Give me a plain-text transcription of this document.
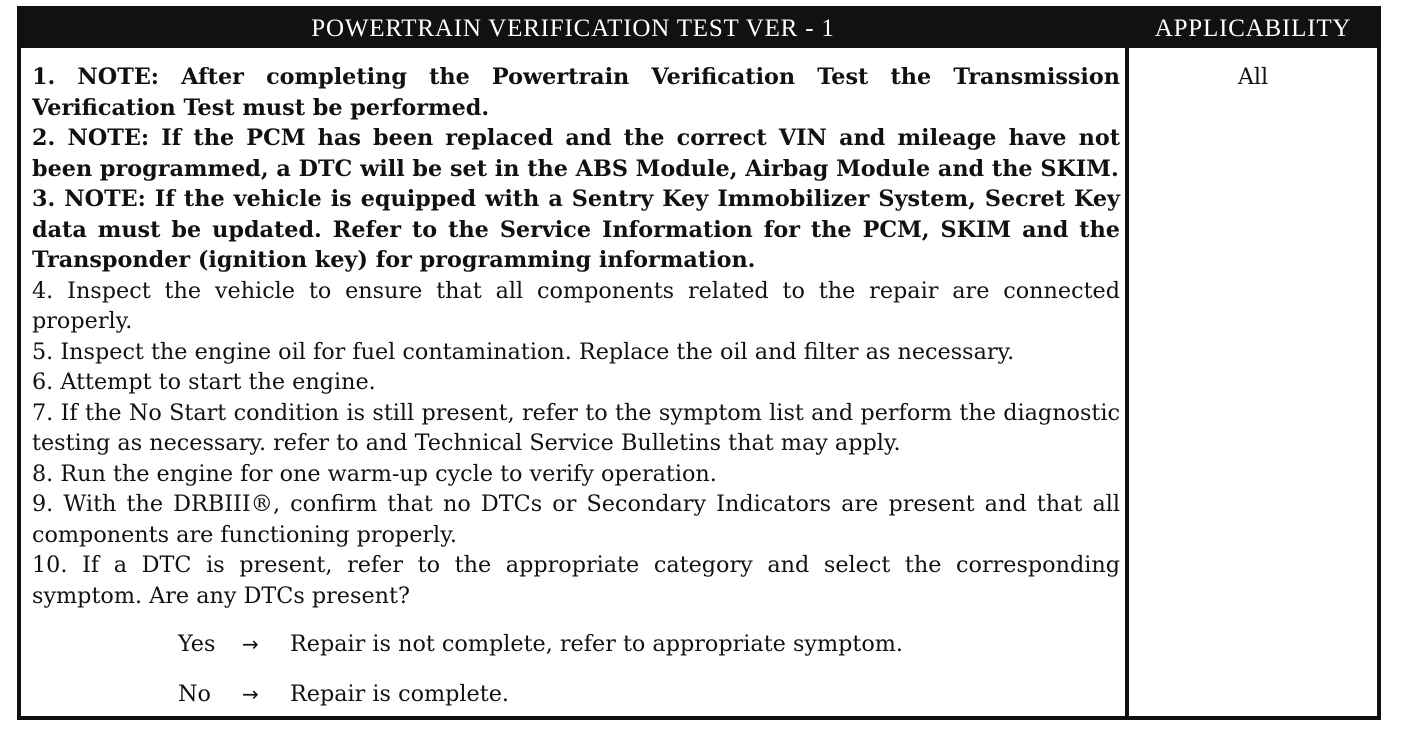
POWERTRAIN VERIFICATION TEST VER - 1	APPLICABILITY

1. NOTE: After completing the Powertrain Verification Test the Transmission Verification Test must be performed.

2. NOTE: If the PCM has been replaced and the correct VIN and mileage have not been programmed, a DTC will be set in the ABS Module, Airbag Module and the SKIM.

3. NOTE: If the vehicle is equipped with a Sentry Key Immobilizer System, Secret Key data must be updated. Refer to the Service Information for the PCM, SKIM and the Transponder (ignition key) for programming information.

4. Inspect the vehicle to ensure that all components related to the repair are connected properly.

5. Inspect the engine oil for fuel contamination. Replace the oil and filter as necessary.

6. Attempt to start the engine.

7. If the No Start condition is still present, refer to the symptom list and perform the diagnostic testing as necessary. refer to and Technical Service Bulletins that may apply.

8. Run the engine for one warm-up cycle to verify operation.

9. With the DRBIII®, confirm that no DTCs or Secondary Indicators are present and that all components are functioning properly.

10. If a DTC is present, refer to the appropriate category and select the corresponding symptom. Are any DTCs present?

All
Yes → Repair is not complete, refer to appropriate symptom.
No → Repair is complete.
